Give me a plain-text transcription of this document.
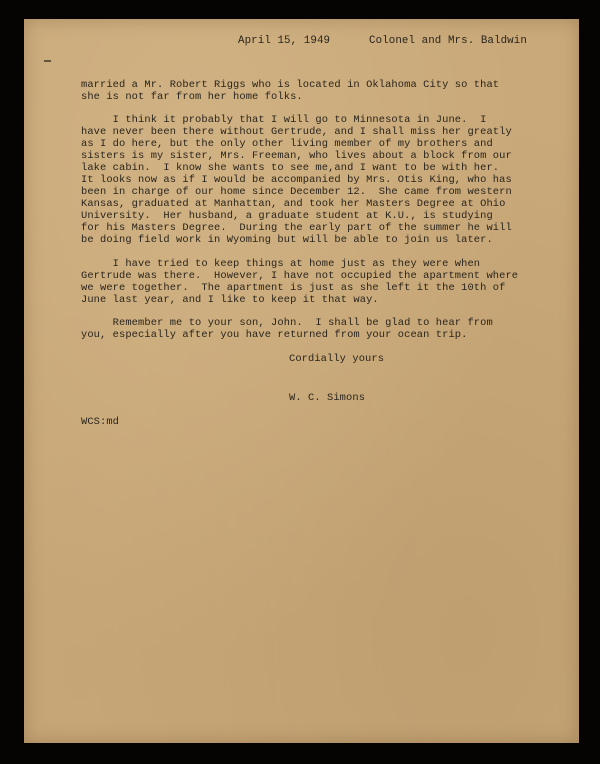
April 15, 1949	Colonel and Mrs. Baldwin
married a Mr. Robert Riggs who is located in Oklahoma City so that
she is not far from her home folks.
I think it probably that I will go to Minnesota in June.  I
have never been there without Gertrude, and I shall miss her greatly
as I do here, but the only other living member of my brothers and
sisters is my sister, Mrs. Freeman, who lives about a block from our
lake cabin.  I know she wants to see me,and I want to be with her.
It looks now as if I would be accompanied by Mrs. Otis King, who has
been in charge of our home since December 12.  She came from western
Kansas, graduated at Manhattan, and took her Masters Degree at Ohio
University.  Her husband, a graduate student at K.U., is studying
for his Masters Degree.  During the early part of the summer he will
be doing field work in Wyoming but will be able to join us later.
I have tried to keep things at home just as they were when
Gertrude was there.  However, I have not occupied the apartment where
we were together.  The apartment is just as she left it the 10th of
June last year, and I like to keep it that way.
Remember me to your son, John.  I shall be glad to hear from
you, especially after you have returned from your ocean trip.
Cordially yours
W. C. Simons
WCS:md
